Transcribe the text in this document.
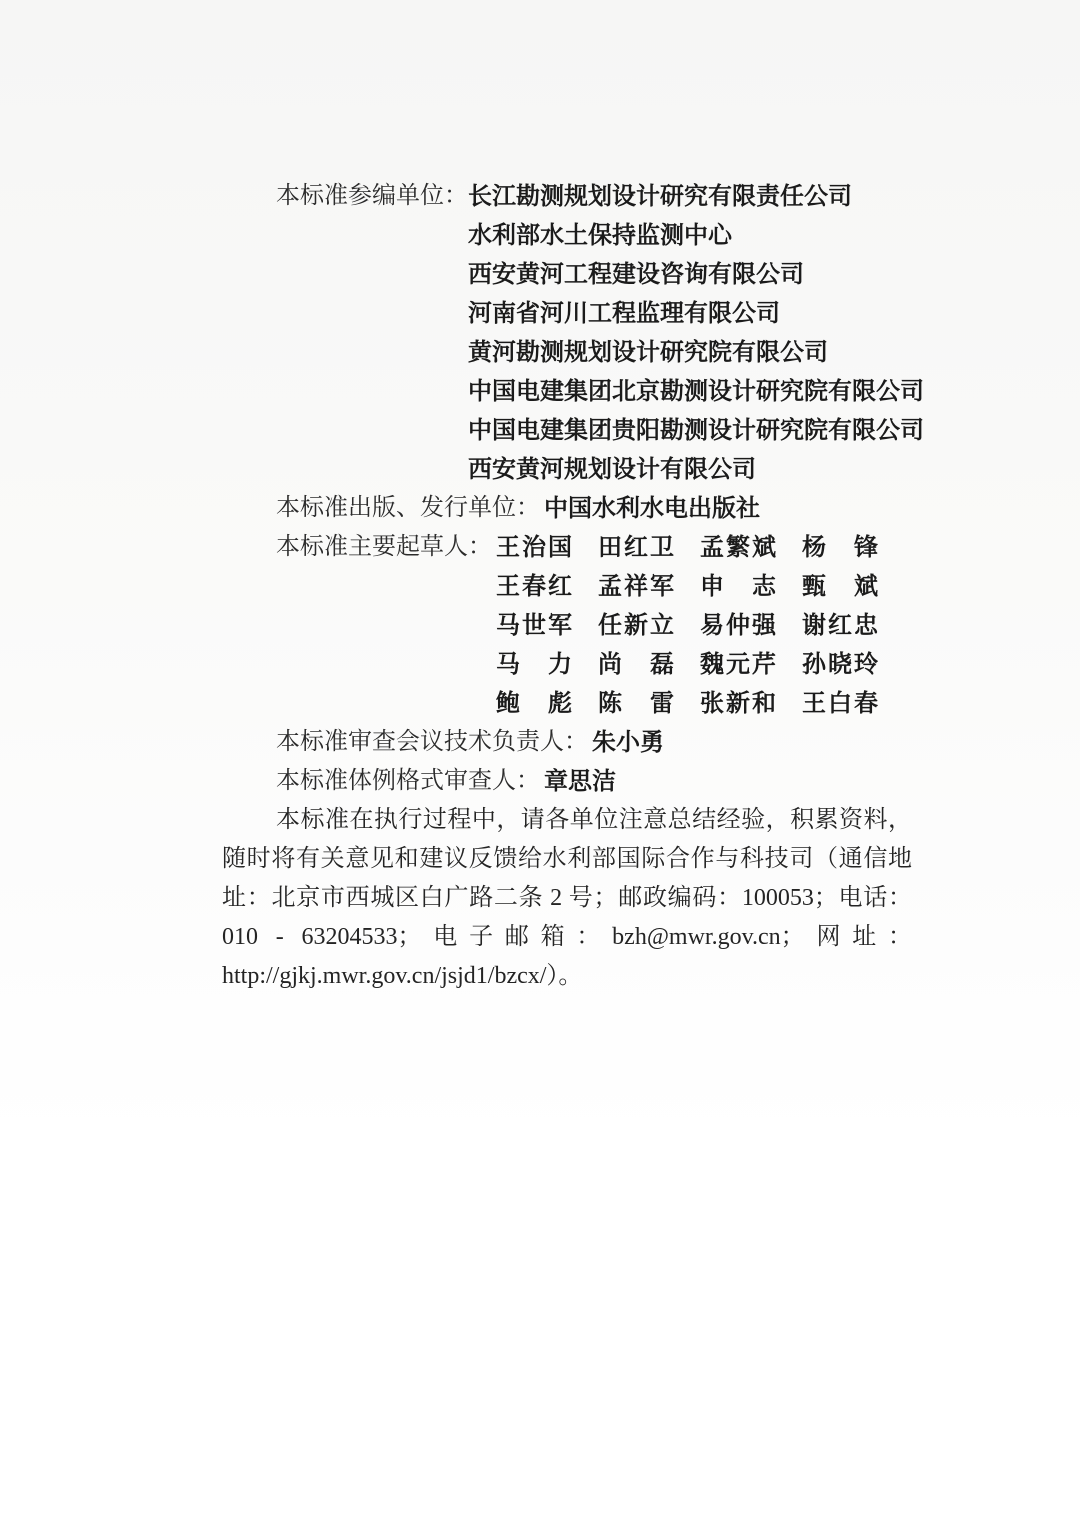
本标准参编单位： 长江勘测规划设计研究有限责任公司
水利部水土保持监测中心
西安黄河工程建设咨询有限公司
河南省河川工程监理有限公司
黄河勘测规划设计研究院有限公司
中国电建集团北京勘测设计研究院有限公司
中国电建集团贵阳勘测设计研究院有限公司
西安黄河规划设计有限公司
本标准出版、发行单位： 中国水利水电出版社
本标准主要起草人： 王治国 田红卫 孟繁斌 杨锋
王春红 孟祥军 申志 甄斌
马世军 任新立 易仲强 谢红忠
马力 尚磊 魏元芹 孙晓玲
鲍彪 陈雷 张新和 王白春
本标准审查会议技术负责人： 朱小勇
本标准体例格式审查人： 章思洁

本标准在执行过程中，请各单位注意总结经验，积累资料，随时将有关意见和建议反馈给水利部国际合作与科技司（通信地址：北京市西城区白广路二条 2 号；邮政编码：100053；电话：010 - 63204533；电子邮箱：bzh@mwr.gov.cn；网址：http://gjkj.mwr.gov.cn/jsjd1/bzcx/）。
